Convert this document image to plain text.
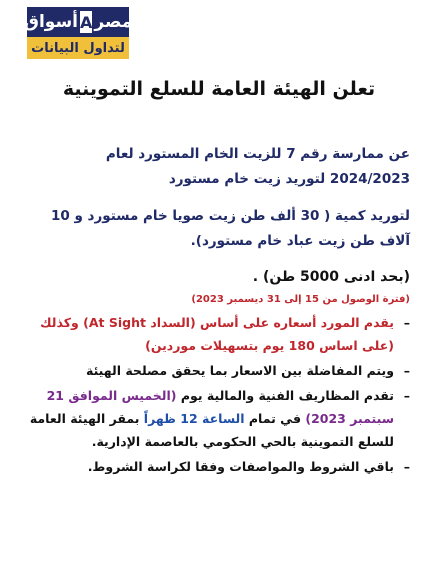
أسواق A مصر
لتداول البيانات
تعلن الهيئة العامة للسلع التموينية
عن ممارسة رقم 7 للزيت الخام المستورد لعام 2024/2023 لتوريد زيت خام مستورد
لتوريد كمية ( 30 ألف طن زيت صويا خام مستورد و 10 آلاف طن زيت عباد خام مستورد).
(بحد ادنى 5000 طن) .
(فترة الوصول من 15 إلى 31 ديسمبر 2023)
– يقدم المورد أسعاره على أساس (السداد At Sight) وكذلك (على اساس 180 يوم بتسهيلات موردين)
– ويتم المفاضلة بين الاسعار بما يحقق مصلحة الهيئة
– تقدم المظاريف الفنية والمالية يوم (الخميس الموافق 21 سبتمبر 2023) في تمام الساعة 12 ظهراً بمقر الهيئة العامة للسلع التموينية بالحي الحكومي بالعاصمة الإدارية.
– باقي الشروط والمواصفات وفقا لكراسة الشروط.
